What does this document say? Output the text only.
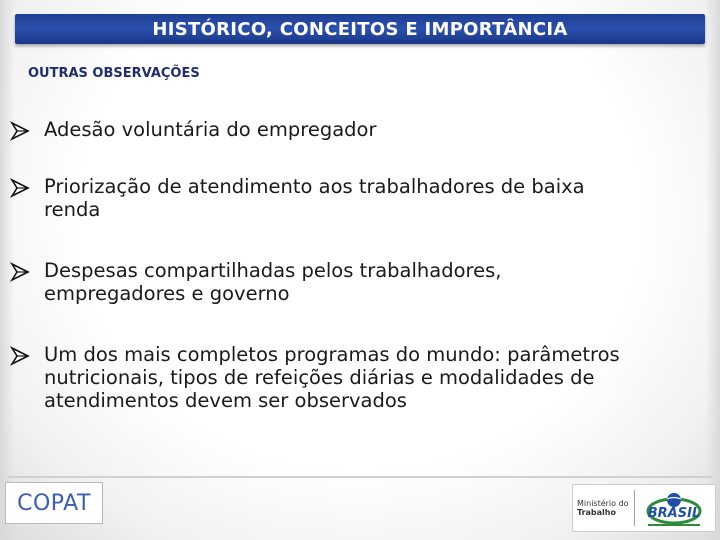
HISTÓRICO, CONCEITOS E IMPORTÂNCIA
OUTRAS OBSERVAÇÕES
Adesão voluntária do empregador
Priorização de atendimento aos trabalhadores de baixa
renda
Despesas compartilhadas pelos trabalhadores,
empregadores e governo
Um dos mais completos programas do mundo: parâmetros
nutricionais, tipos de refeições diárias e modalidades de
atendimentos devem ser observados
COPAT	Ministério do
Trabalho	BRASIL
